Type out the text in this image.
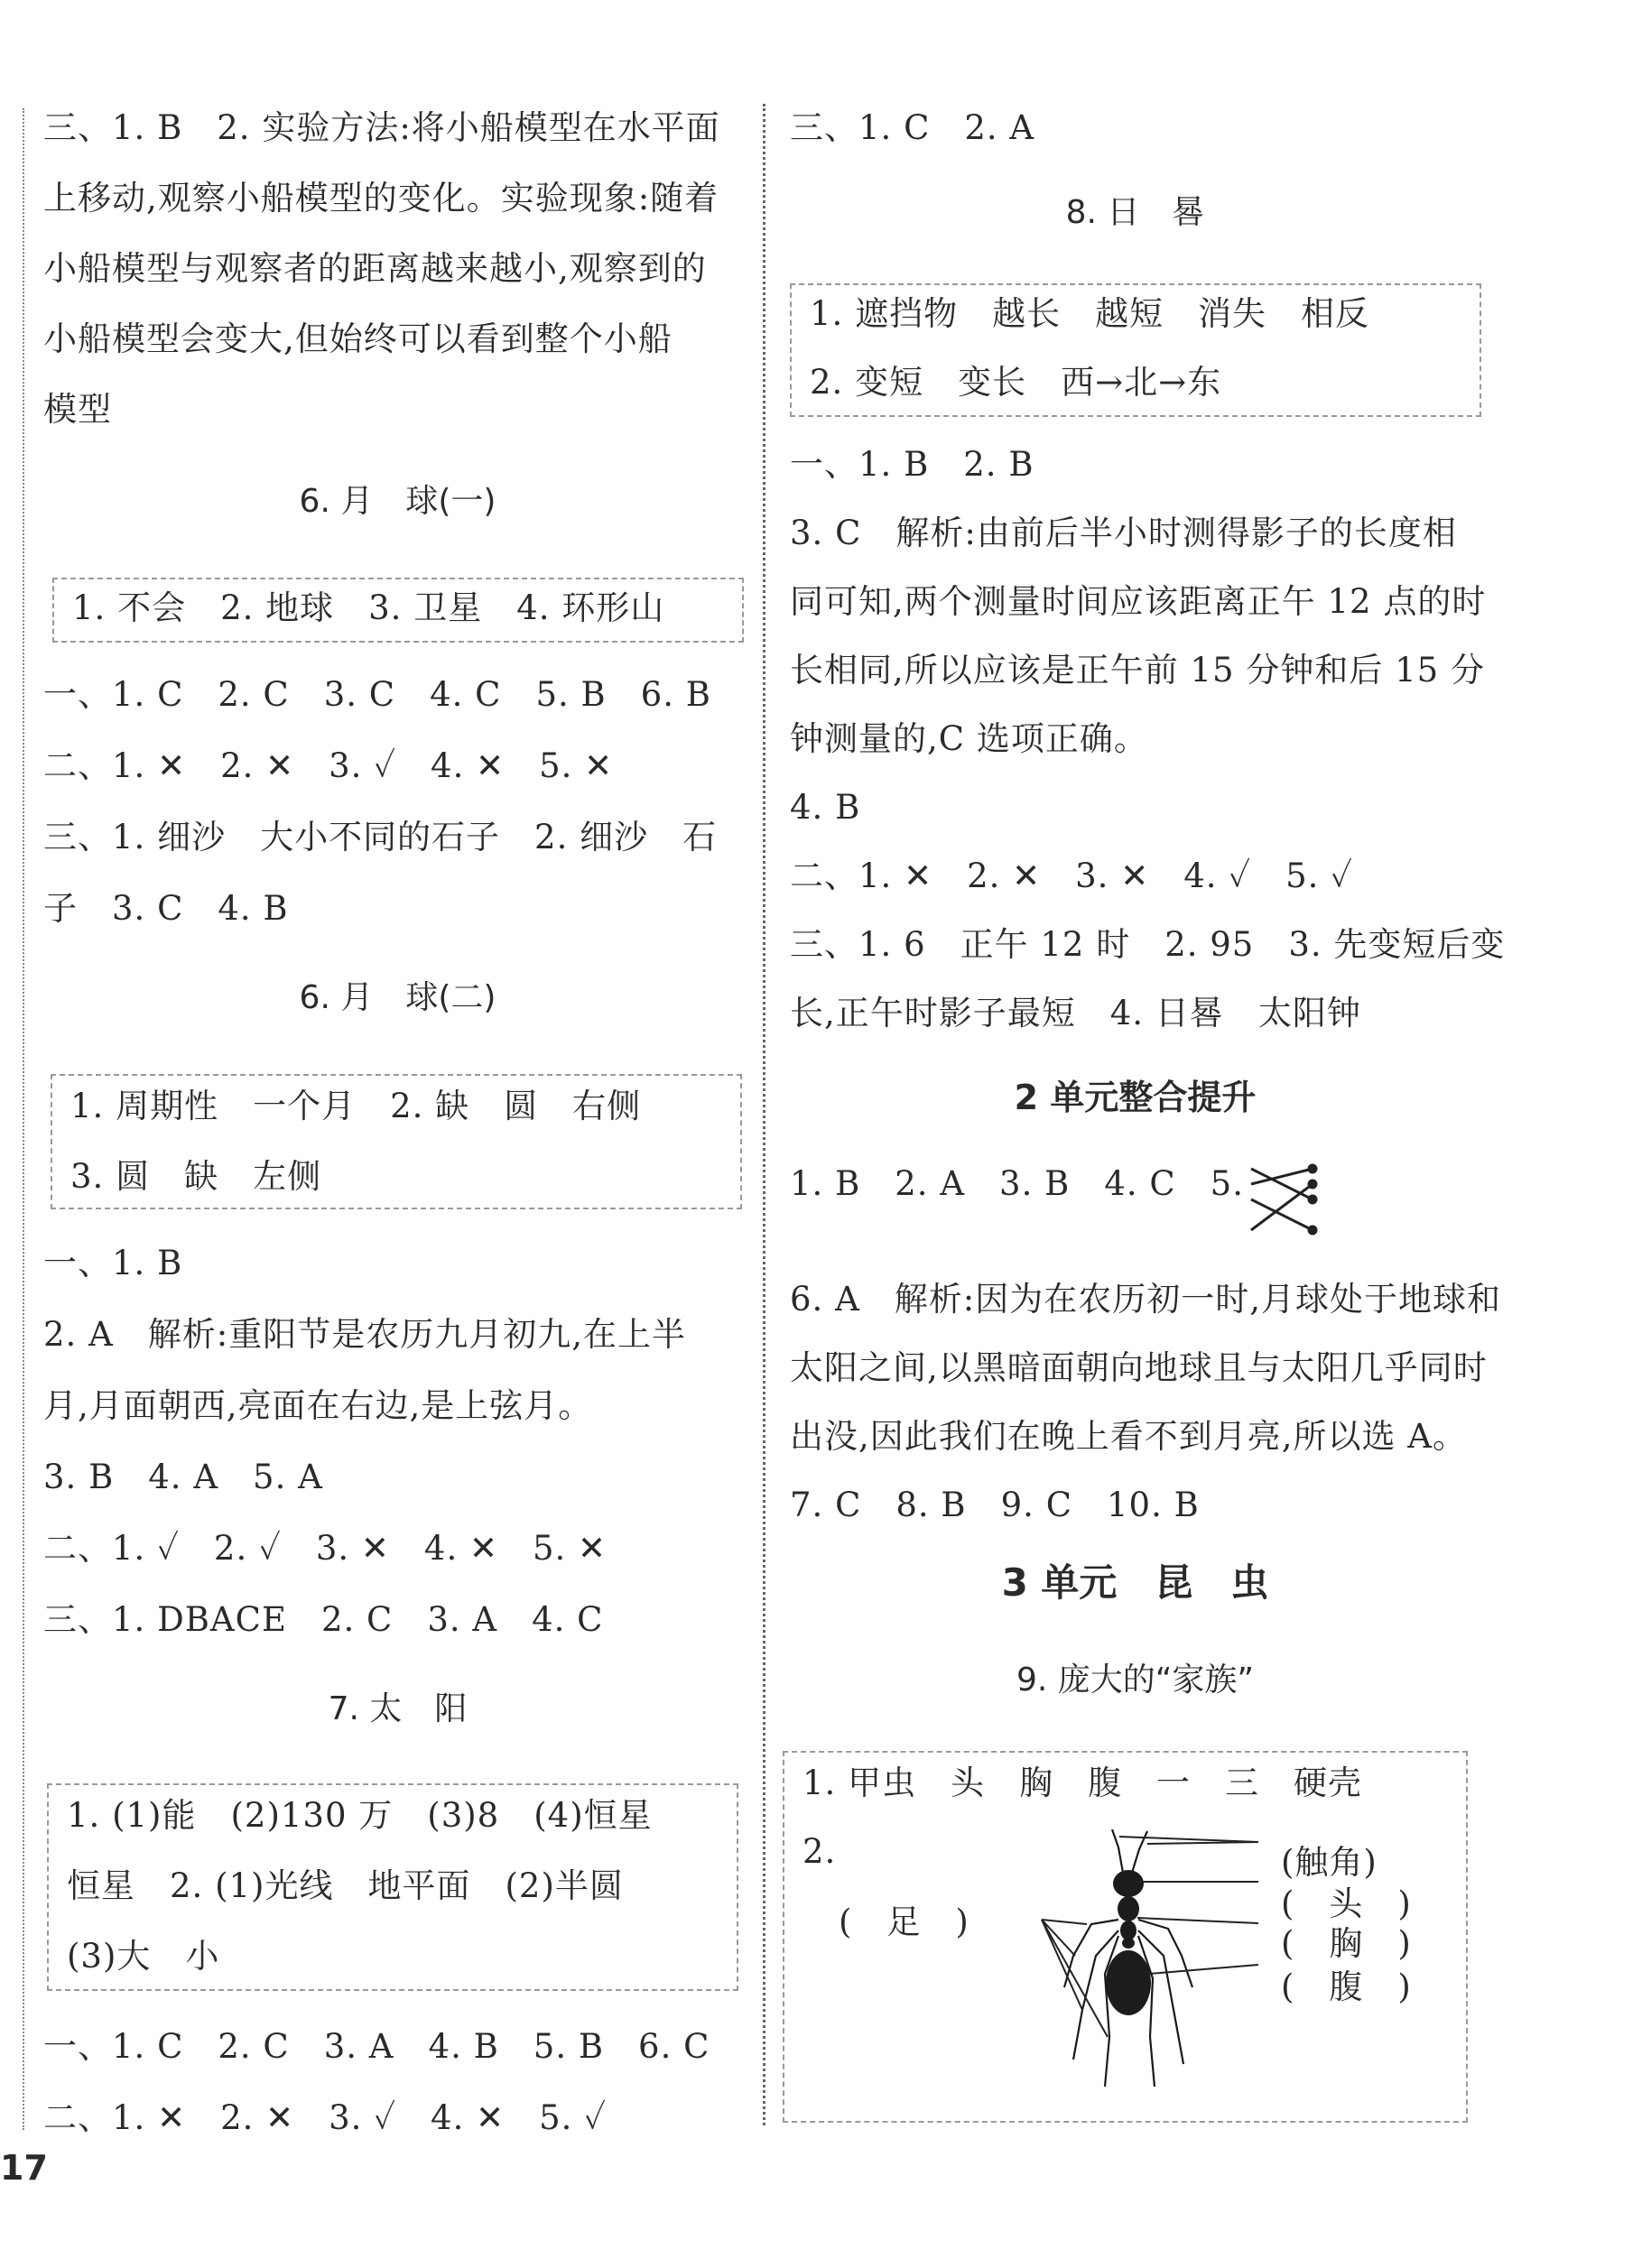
三、1. B　2. 实验方法:将小船模型在水平面
上移动,观察小船模型的变化。实验现象:随着
小船模型与观察者的距离越来越小,观察到的
小船模型会变大,但始终可以看到整个小船
模型
6. 月　球(一)
1. 不会　2. 地球　3. 卫星　4. 环形山
一、1. C　2. C　3. C　4. C　5. B　6. B
二、1. ✕　2. ✕　3. ✓　4. ✕　5. ✕
三、1. 细沙　大小不同的石子　2. 细沙　石
子　3. C　4. B
6. 月　球(二)
1. 周期性　一个月　2. 缺　圆　右侧
3. 圆　缺　左侧
一、1. B
2. A　解析:重阳节是农历九月初九,在上半
月,月面朝西,亮面在右边,是上弦月。
3. B　4. A　5. A
二、1. ✓　2. ✓　3. ✕　4. ✕　5. ✕
三、1. DBACE　2. C　3. A　4. C
7. 太　阳
1. (1)能　(2)130 万　(3)8　(4)恒星
恒星　2. (1)光线　地平面　(2)半圆
(3)大　小
一、1. C　2. C　3. A　4. B　5. B　6. C
二、1. ✕　2. ✕　3. ✓　4. ✕　5. ✓
三、1. C　2. A
8. 日　晷
1. 遮挡物　越长　越短　消失　相反
2. 变短　变长　西→北→东
一、1. B　2. B
3. C　解析:由前后半小时测得影子的长度相
同可知,两个测量时间应该距离正午 12 点的时
长相同,所以应该是正午前 15 分钟和后 15 分
钟测量的,C 选项正确。
4. B
二、1. ✕　2. ✕　3. ✕　4. ✓　5. ✓
三、1. 6　正午 12 时　2. 95　3. 先变短后变
长,正午时影子最短　4. 日晷　太阳钟
2 单元整合提升
1. B　2. A　3. B　4. C　5.
6. A　解析:因为在农历初一时,月球处于地球和
太阳之间,以黑暗面朝向地球且与太阳几乎同时
出没,因此我们在晚上看不到月亮,所以选 A。
7. C　8. B　9. C　10. B
3 单元　昆　虫
9. 庞大的“家族”
1. 甲虫　头　胸　腹　一　三　硬壳
2.	(触角)
(　头　)
(　胸　)
(　腹　)
(　足　)
17
